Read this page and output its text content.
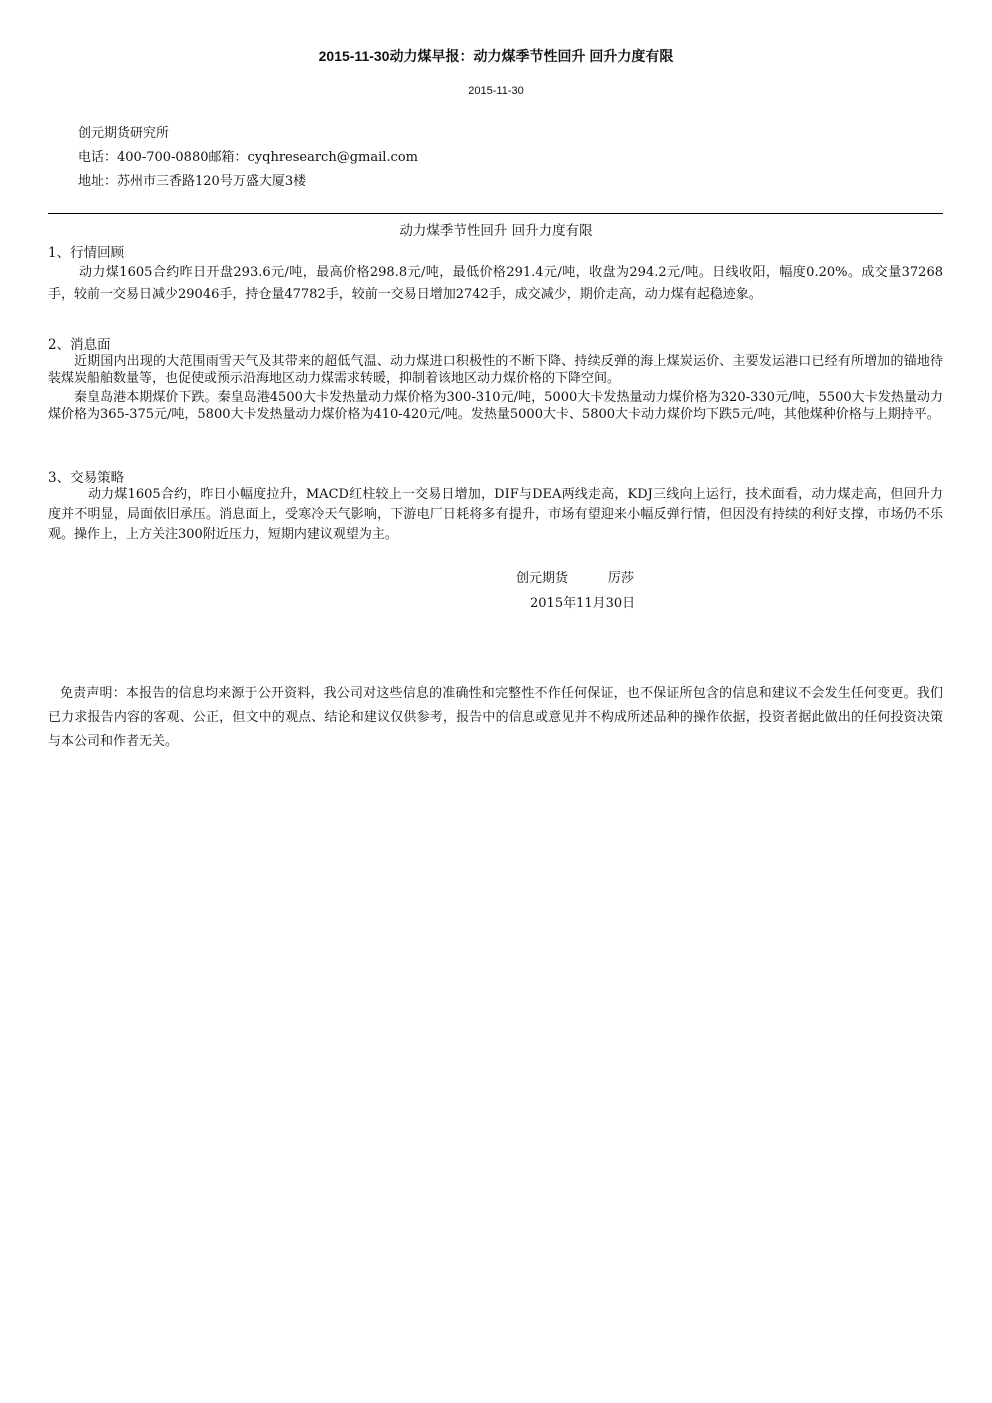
2015-11-30动力煤早报：动力煤季节性回升 回升力度有限
2015-11-30
创元期货研究所
电话：400-700-0880邮箱：cyqhresearch@gmail.com
地址：苏州市三香路120号万盛大厦3楼
动力煤季节性回升 回升力度有限
1、行情回顾
动力煤1605合约昨日开盘293.6元/吨，最高价格298.8元/吨，最低价格291.4元/吨，收盘为294.2元/吨。日线收阳，幅度0.20%。成交量37268手，较前一交易日减少29046手，持仓量47782手，较前一交易日增加2742手，成交减少，期价走高，动力煤有起稳迹象。
2、消息面
近期国内出现的大范围雨雪天气及其带来的超低气温、动力煤进口积极性的不断下降、持续反弹的海上煤炭运价、主要发运港口已经有所增加的锚地待装煤炭船舶数量等，也促使或预示沿海地区动力煤需求转暖，抑制着该地区动力煤价格的下降空间。
秦皇岛港本期煤价下跌。秦皇岛港4500大卡发热量动力煤价格为300-310元/吨，5000大卡发热量动力煤价格为320-330元/吨，5500大卡发热量动力煤价格为365-375元/吨，5800大卡发热量动力煤价格为410-420元/吨。发热量5000大卡、5800大卡动力煤价均下跌5元/吨，其他煤种价格与上期持平。
3、交易策略
动力煤1605合约，昨日小幅度拉升，MACD红柱较上一交易日增加，DIF与DEA两线走高，KDJ三线向上运行，技术面看，动力煤走高，但回升力度并不明显，局面依旧承压。消息面上，受寒冷天气影响，下游电厂日耗将多有提升，市场有望迎来小幅反弹行情，但因没有持续的利好支撑，市场仍不乐观。操作上，上方关注300附近压力，短期内建议观望为主。
创元期货	厉莎
2015年11月30日
免责声明：本报告的信息均来源于公开资料，我公司对这些信息的准确性和完整性不作任何保证，也不保证所包含的信息和建议不会发生任何变更。我们已力求报告内容的客观、公正，但文中的观点、结论和建议仅供参考，报告中的信息或意见并不构成所述品种的操作依据，投资者据此做出的任何投资决策与本公司和作者无关。
